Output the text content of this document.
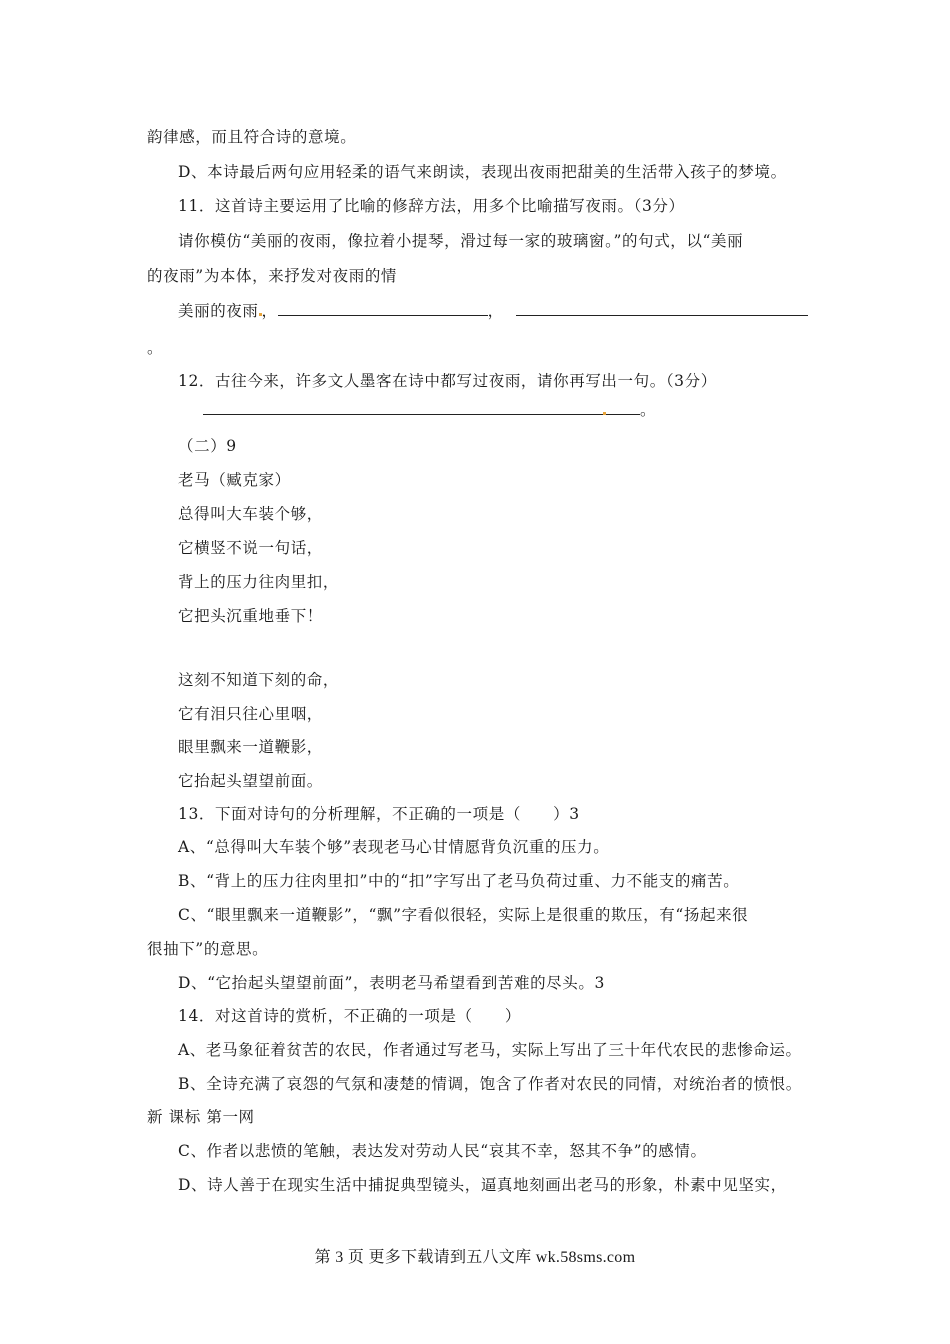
韵律感，而且符合诗的意境。
D、本诗最后两句应用轻柔的语气来朗读，表现出夜雨把甜美的生活带入孩子的梦境。
11．这首诗主要运用了比喻的修辞方法，用多个比喻描写夜雨。（3分）
请你模仿“美丽的夜雨，像拉着小提琴，滑过每一家的玻璃窗。”的句式，以“美丽
的夜雨”为本体，来抒发对夜雨的情
美丽的夜雨 ，	，
。
12．古往今来，许多文人墨客在诗中都写过夜雨，请你再写出一句。（3分）
。
（二）9
老马（臧克家）
总得叫大车装个够，
它横竖不说一句话，
背上的压力往肉里扣，
它把头沉重地垂下！
这刻不知道下刻的命，
它有泪只往心里咽，
眼里飘来一道鞭影，
它抬起头望望前面。
13．下面对诗句的分析理解，不正确的一项是（　　）3
A、“总得叫大车装个够”表现老马心甘情愿背负沉重的压力。
B、“背上的压力往肉里扣”中的“扣”字写出了老马负荷过重、力不能支的痛苦。
C、“眼里飘来一道鞭影”，“飘”字看似很轻，实际上是很重的欺压，有“扬起来很
很抽下”的意思。
D、“它抬起头望望前面”，表明老马希望看到苦难的尽头。3
14．对这首诗的赏析，不正确的一项是（　　）
A、老马象征着贫苦的农民，作者通过写老马，实际上写出了三十年代农民的悲惨命运。
B、全诗充满了哀怨的气氛和凄楚的情调，饱含了作者对农民的同情，对统治者的愤恨。
新 课标 第一网
C、作者以悲愤的笔触，表达发对劳动人民“哀其不幸，怒其不争”的感情。
D、诗人善于在现实生活中捕捉典型镜头，逼真地刻画出老马的形象，朴素中见坚实，
第 3 页 更多下载请到五八文库 wk.58sms.com
